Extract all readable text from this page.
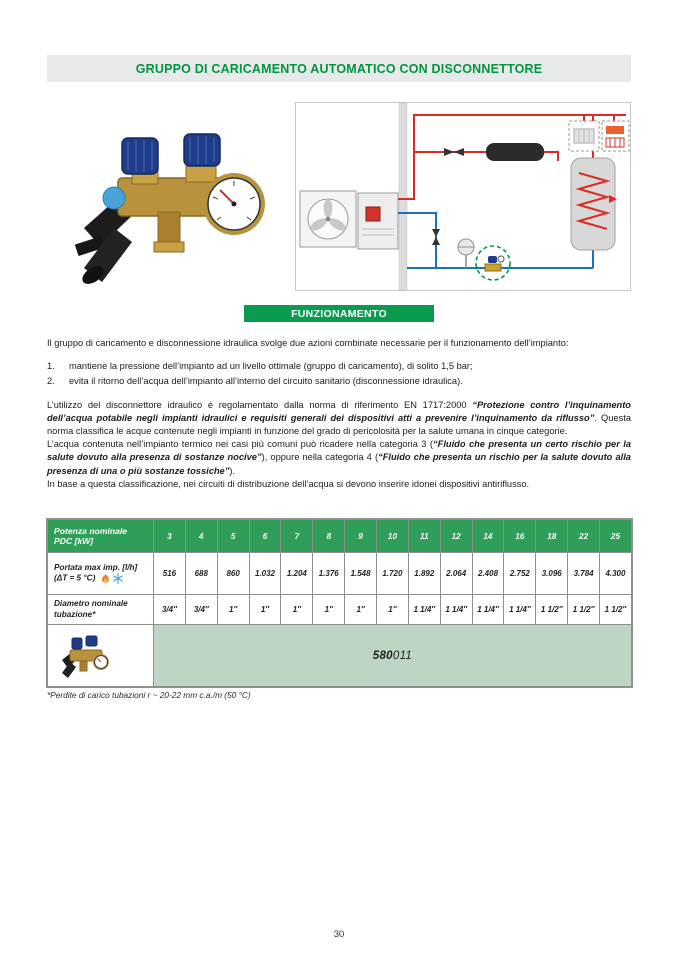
GRUPPO DI CARICAMENTO AUTOMATICO CON DISCONNETTORE
FUNZIONAMENTO

Il gruppo di caricamento e disconnessione idraulica svolge due azioni combinate necessarie per il funzionamento dell’impianto:

1.	mantiene la pressione dell’impianto ad un livello ottimale (gruppo di caricamento), di solito 1,5 bar;
2.	evita il ritorno dell’acqua dell’impianto all’interno del circuito sanitario (disconnessione idraulica).

L’utilizzo del disconnettore idraulico è regolamentato dalla norma di riferimento EN 1717:2000 “Protezione contro l’inquinamento dell’acqua potabile negli impianti idraulici e requisiti generali dei dispositivi atti a prevenire l’inquinamento da riflusso”. Questa norma classifica le acque contenute negli impianti in funzione del grado di pericolosità per la salute umana in cinque categorie.

L’acqua contenuta nell’impianto termico nei casi più comuni può ricadere nella categoria 3 (“Fluido che presenta un certo rischio per la salute dovuto alla presenza di sostanze nocive”), oppure nella categoria 4 (“Fluido che presenta un rischio per la salute dovuto alla presenza di una o più sostanze tossiche”).

In base a questa classificazione, nei circuiti di distribuzione dell’acqua si devono inserire idonei dispositivi antiriflusso.

Potenza nominale
PDC [kW]	3	4	5	6	7	8	9	10	11	12	14	16	18	22	25

Portata max imp. [l/h]
(ΔT = 5 °C)	516	688	860	1.032	1.204	1.376	1.548	1.720	1.892	2.064	2.408	2.752	3.096	3.784	4.300

Diametro nominale
tubazione*	3/4″	3/4″	1″	1″	1″	1″	1″	1″	1 1/4″	1 1/4″	1 1/4″	1 1/4″	1 1/2″	1 1/2″	1 1/2″
	580011														
*Perdite di carico tubazioni r ~ 20-22 mm c.a./m (50 °C)
30
